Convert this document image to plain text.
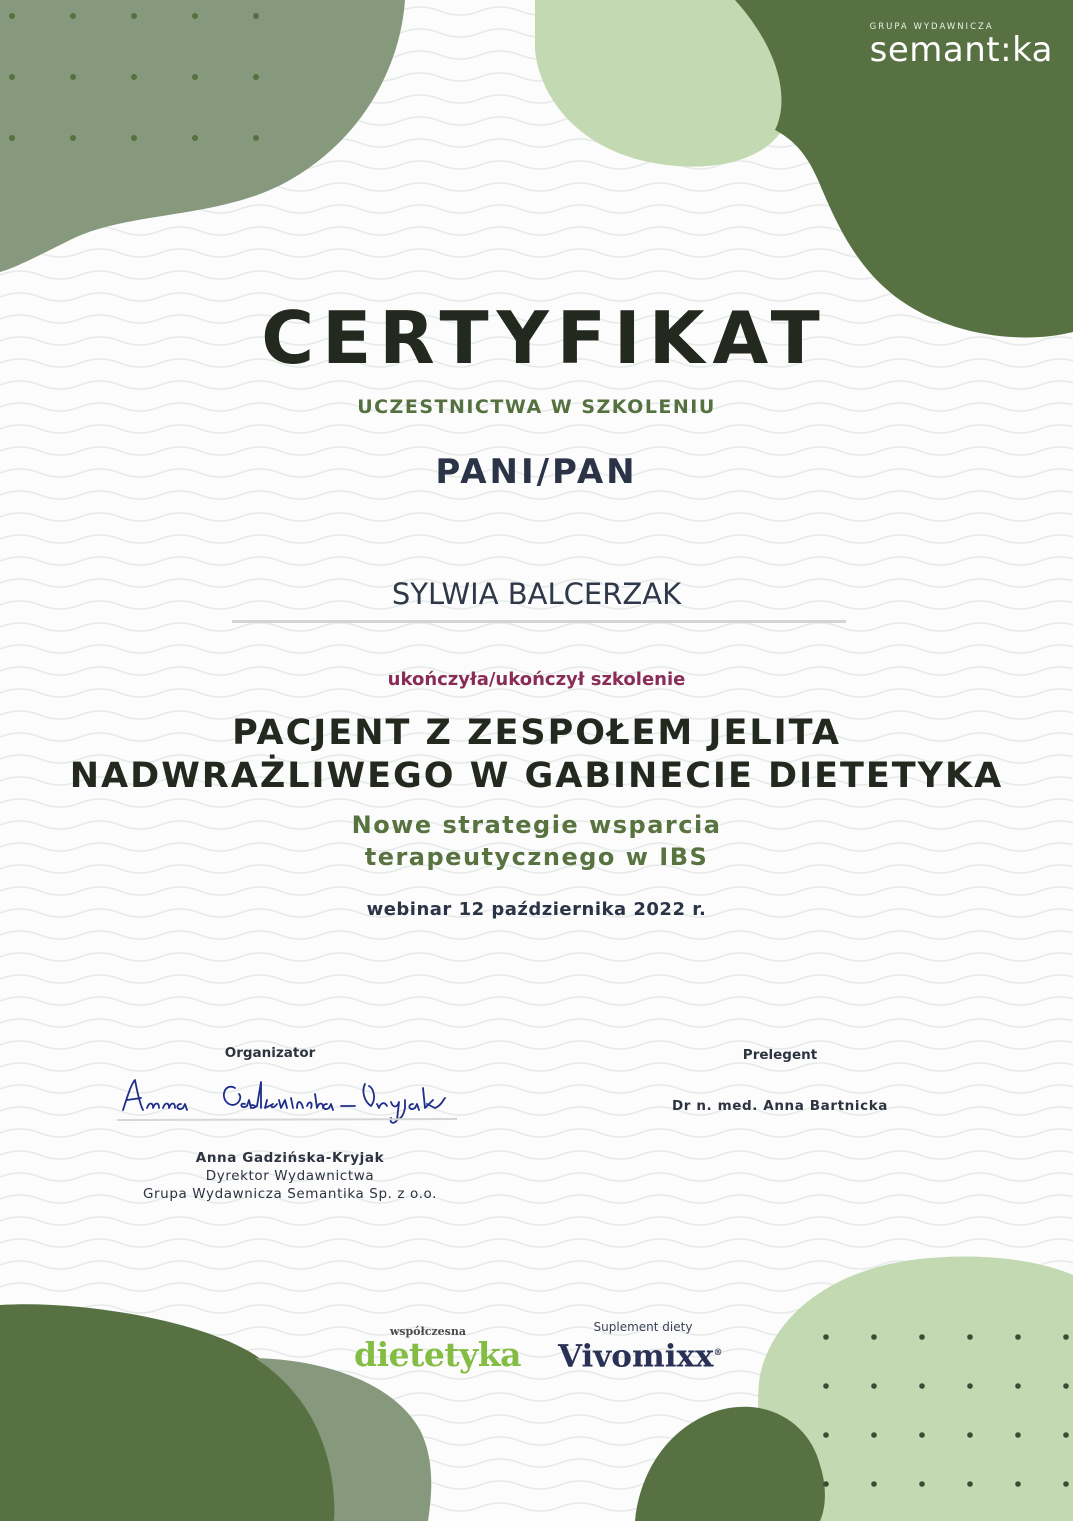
GRUPA WYDAWNICZA
semant:ka
CERTYFIKAT
UCZESTNICTWA W SZKOLENIU
PANI/PAN
SYLWIA BALCERZAK
ukończyła/ukończył szkolenie
PACJENT Z ZESPOŁEM JELITA
NADWRAŻLIWEGO W GABINECIE DIETETYKA
Nowe strategie wsparcia
terapeutycznego w IBS
webinar 12 października 2022 r.
Organizator
Anna Gadzińska-Kryjak
Dyrektor Wydawnictwa
Grupa Wydawnicza Semantika Sp. z o.o.
Prelegent
Dr n. med. Anna Bartnicka
współczesna
dietetyka
Suplement diety
Vivomixx®
